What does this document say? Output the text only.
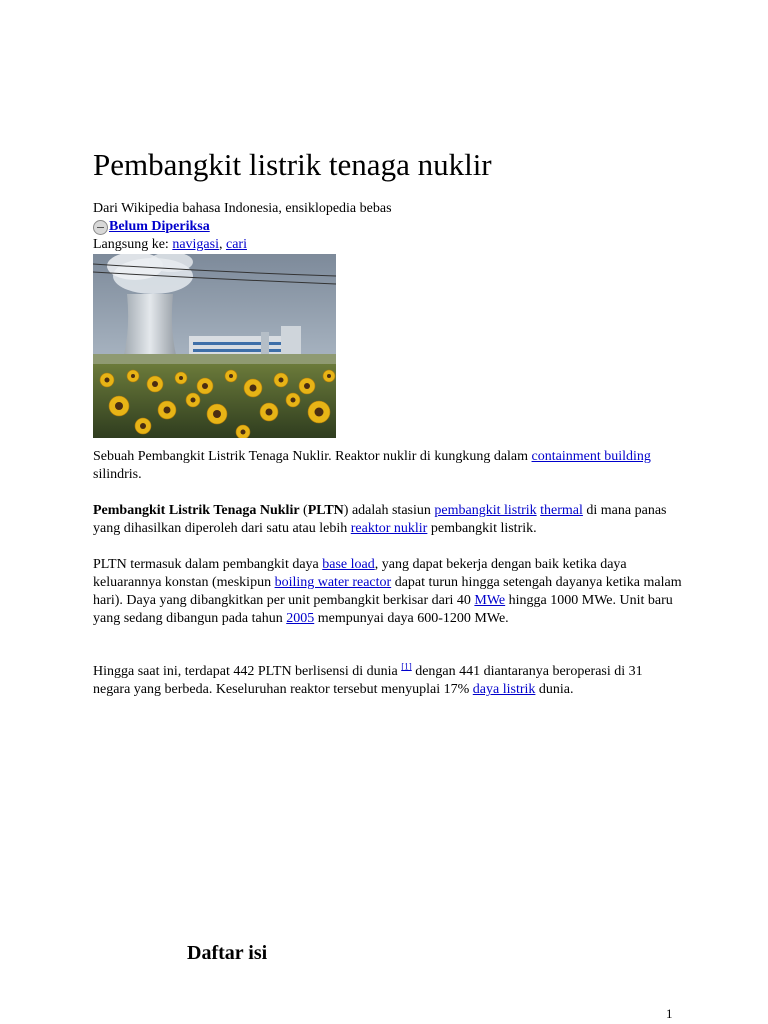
Pembangkit listrik tenaga nuklir
Dari Wikipedia bahasa Indonesia, ensiklopedia bebas
Belum Diperiksa
Langsung ke: navigasi, cari

Sebuah Pembangkit Listrik Tenaga Nuklir. Reaktor nuklir di kungkung dalam containment building silindris.

Pembangkit Listrik Tenaga Nuklir (PLTN) adalah stasiun pembangkit listrik thermal di mana panas yang dihasilkan diperoleh dari satu atau lebih reaktor nuklir pembangkit listrik.

PLTN termasuk dalam pembangkit daya base load, yang dapat bekerja dengan baik ketika daya keluarannya konstan (meskipun boiling water reactor dapat turun hingga setengah dayanya ketika malam hari). Daya yang dibangkitkan per unit pembangkit berkisar dari 40 MWe hingga 1000 MWe. Unit baru yang sedang dibangun pada tahun 2005 mempunyai daya 600-1200 MWe.

Hingga saat ini, terdapat 442 PLTN berlisensi di dunia [1] dengan 441 diantaranya beroperasi di 31 negara yang berbeda. Keseluruhan reaktor tersebut menyuplai 17% daya listrik dunia.

Daftar isi
1
